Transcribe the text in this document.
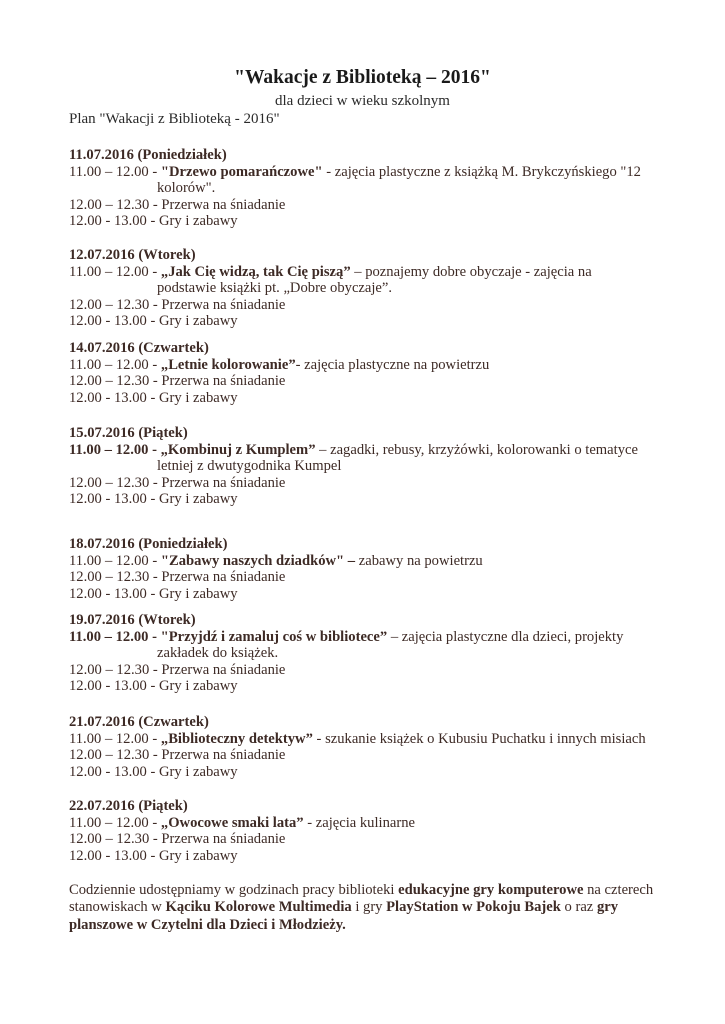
"Wakacje z Biblioteką – 2016"
dla dzieci w wieku szkolnym
Plan "Wakacji z Biblioteką - 2016"
11.07.2016 (Poniedziałek)
11.00 – 12.00 - "Drzewo pomarańczowe" - zajęcia plastyczne z książką M. Brykczyńskiego "12
kolorów".
12.00 – 12.30 - Przerwa na śniadanie
12.00 - 13.00 - Gry i zabawy
12.07.2016 (Wtorek)
11.00 – 12.00 - „Jak Cię widzą, tak Cię piszą” – poznajemy dobre obyczaje - zajęcia na
podstawie książki pt. „Dobre obyczaje”.
12.00 – 12.30 - Przerwa na śniadanie
12.00 - 13.00 - Gry i zabawy
14.07.2016 (Czwartek)
11.00 – 12.00 - „Letnie kolorowanie”- zajęcia plastyczne na powietrzu
12.00 – 12.30 - Przerwa na śniadanie
12.00 - 13.00 - Gry i zabawy
15.07.2016 (Piątek)
11.00 – 12.00 - „Kombinuj z Kumplem” – zagadki, rebusy, krzyżówki, kolorowanki o tematyce
letniej z dwutygodnika Kumpel
12.00 – 12.30 - Przerwa na śniadanie
12.00 - 13.00 - Gry i zabawy
18.07.2016 (Poniedziałek)
11.00 – 12.00 - "Zabawy naszych dziadków" – zabawy na powietrzu
12.00 – 12.30 - Przerwa na śniadanie
12.00 - 13.00 - Gry i zabawy
19.07.2016 (Wtorek)
11.00 – 12.00 - "Przyjdź i zamaluj coś w bibliotece” – zajęcia plastyczne dla dzieci, projekty
zakładek do książek.
12.00 – 12.30 - Przerwa na śniadanie
12.00 - 13.00 - Gry i zabawy
21.07.2016 (Czwartek)
11.00 – 12.00 - „Biblioteczny detektyw” - szukanie książek o Kubusiu Puchatku i innych misiach
12.00 – 12.30 - Przerwa na śniadanie
12.00 - 13.00 - Gry i zabawy
22.07.2016 (Piątek)
11.00 – 12.00 - „Owocowe smaki lata” - zajęcia kulinarne
12.00 – 12.30 - Przerwa na śniadanie
12.00 - 13.00 - Gry i zabawy
Codziennie udostępniamy w godzinach pracy biblioteki edukacyjne gry komputerowe na czterech stanowiskach w Kąciku Kolorowe Multimedia i gry PlayStation w Pokoju Bajek o raz gry planszowe w Czytelni dla Dzieci i Młodzieży.
